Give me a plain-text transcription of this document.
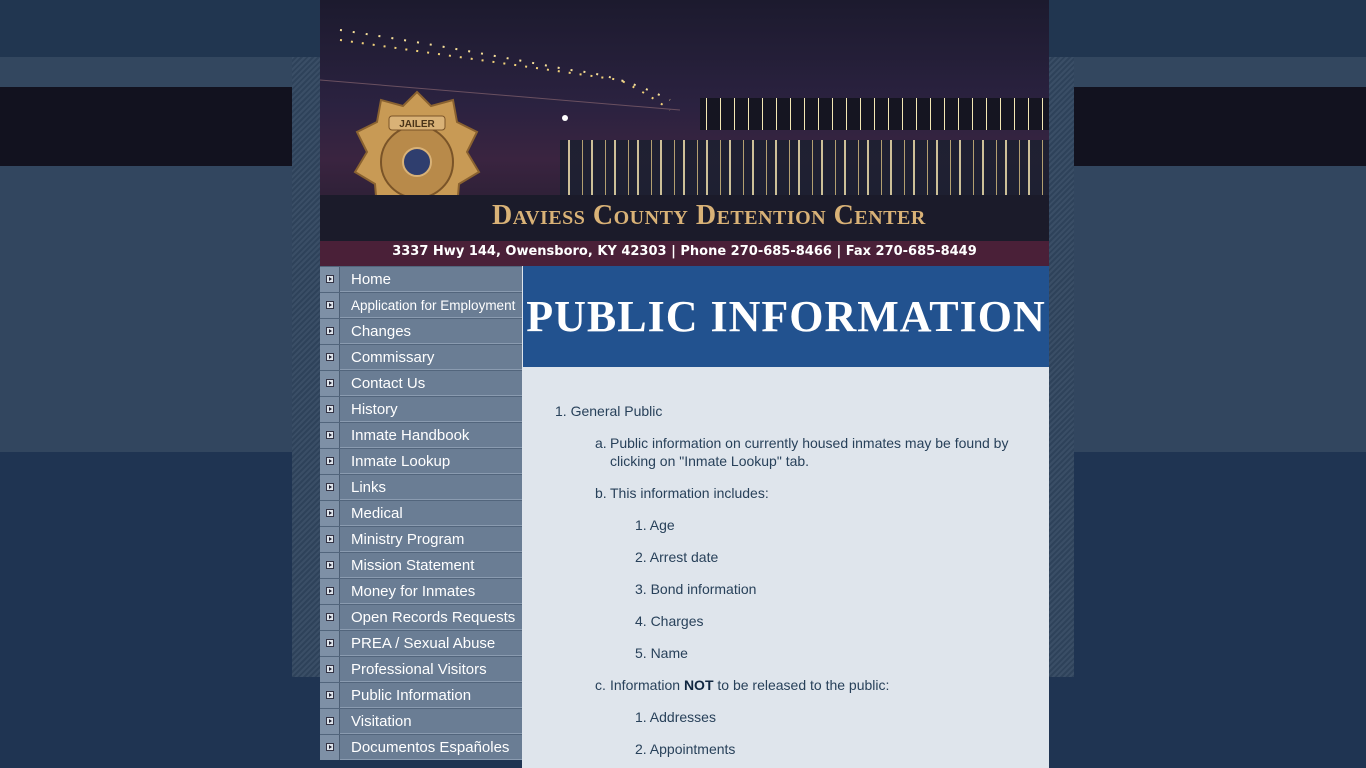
JAILER
Daviess County Detention Center
3337 Hwy 144, Owensboro, KY 42303 | Phone 270-685-8466 | Fax 270-685-8449
Home
Application for Employment
Changes
Commissary
Contact Us
History
Inmate Handbook
Inmate Lookup
Links
Medical
Ministry Program
Mission Statement
Money for Inmates
Open Records Requests
PREA / Sexual Abuse
Professional Visitors
Public Information
Visitation
Documentos Españoles
PUBLIC INFORMATION
1. General Public
a. Public information on currently housed inmates may be found by clicking on "Inmate Lookup" tab.
b. This information includes:
1. Age
2. Arrest date
3. Bond information
4. Charges
5. Name
c. Information NOT to be released to the public:
1. Addresses
2. Appointments
